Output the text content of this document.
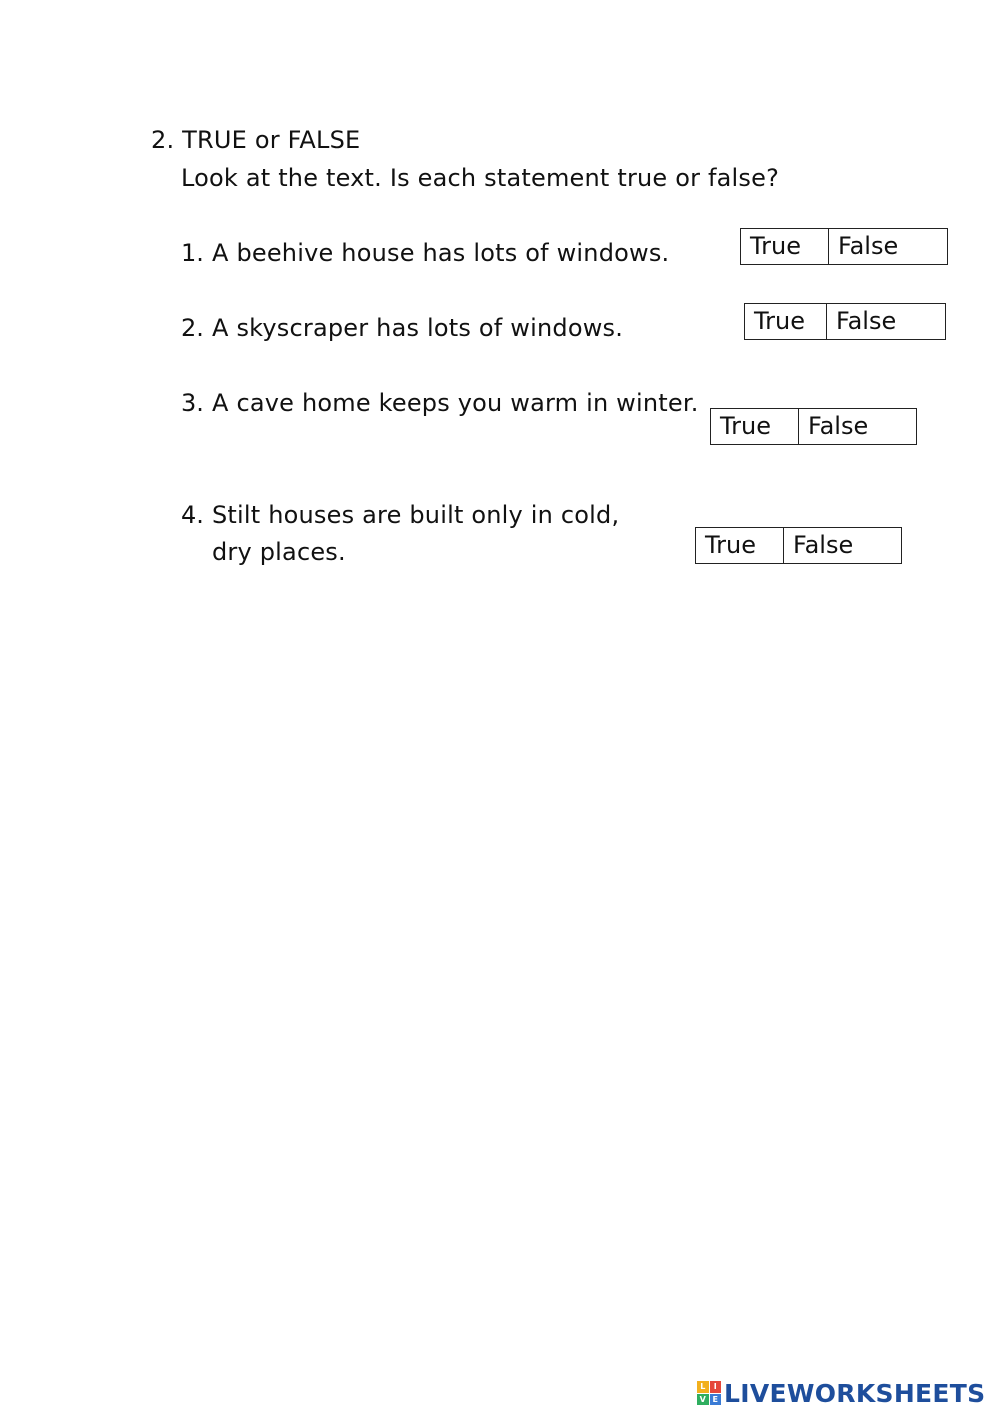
2. TRUE or FALSE
Look at the text. Is each statement true or false?
1. A beehive house has lots of windows.	True	False
2. A skyscraper has lots of windows.	True	False
3. A cave home keeps you warm in winter.
True	False
4. Stilt houses are built only in cold,
dry places.	True	False
L	I
V E LIVEWORKSHEETS
